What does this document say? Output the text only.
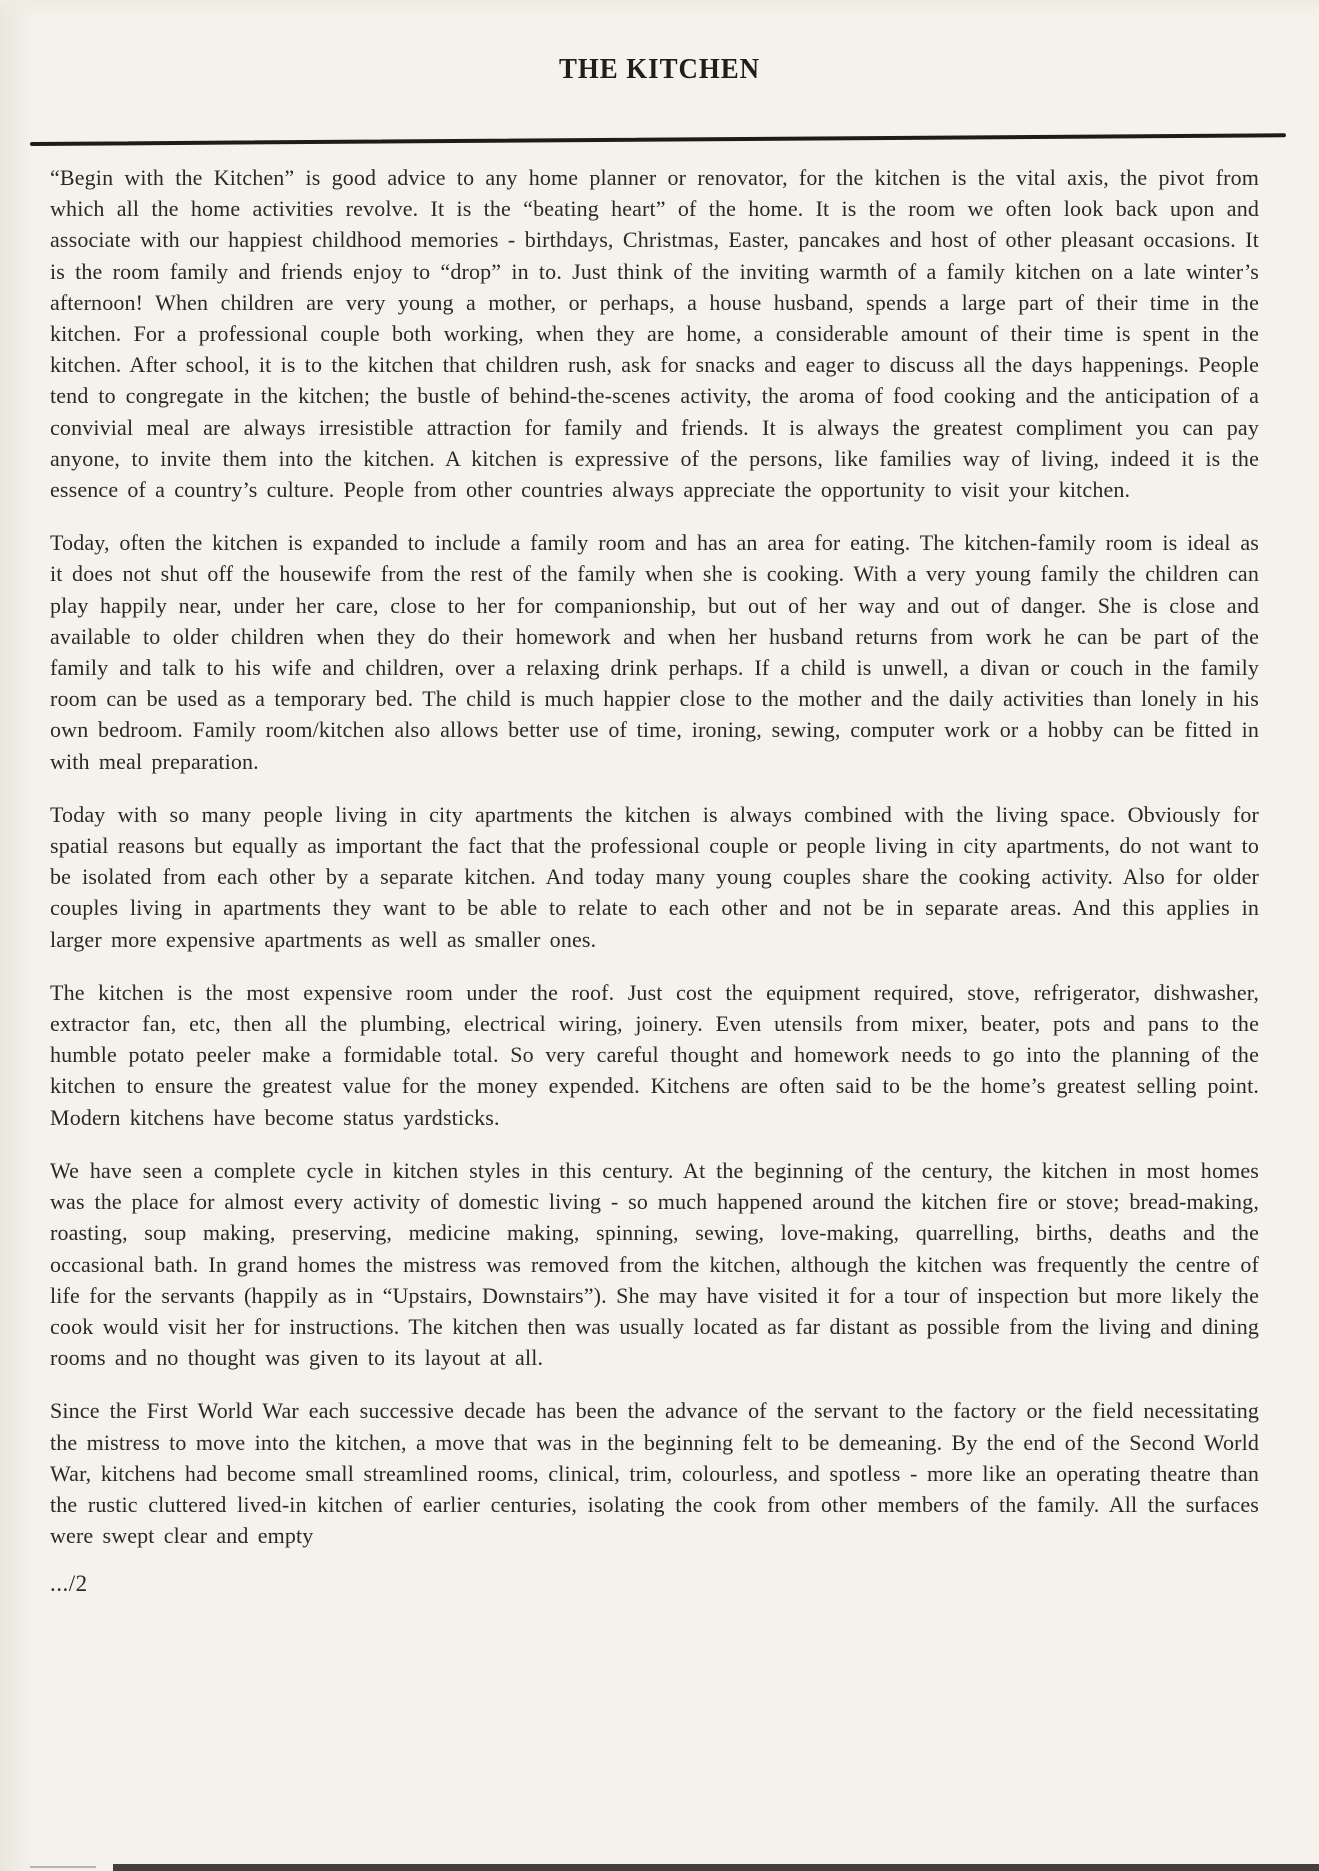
THE KITCHEN

“Begin with the Kitchen” is good advice to any home planner or renovator, for the kitchen is the vital axis, the pivot from which all the home activities revolve. It is the “beating heart” of the home. It is the room we often look back upon and associate with our happiest childhood memories - birthdays, Christmas, Easter, pancakes and host of other pleasant occasions. It is the room family and friends enjoy to “drop” in to. Just think of the inviting warmth of a family kitchen on a late winter’s afternoon! When children are very young a mother, or perhaps, a house husband, spends a large part of their time in the kitchen. For a professional couple both working, when they are home, a considerable amount of their time is spent in the kitchen. After school, it is to the kitchen that children rush, ask for snacks and eager to discuss all the days happenings. People tend to congregate in the kitchen; the bustle of behind-the-scenes activity, the aroma of food cooking and the anticipation of a convivial meal are always irresistible attraction for family and friends. It is always the greatest compliment you can pay anyone, to invite them into the kitchen. A kitchen is expressive of the persons, like families way of living, indeed it is the essence of a country’s culture. People from other countries always appreciate the opportunity to visit your kitchen.

Today, often the kitchen is expanded to include a family room and has an area for eating. The kitchen-family room is ideal as it does not shut off the housewife from the rest of the family when she is cooking. With a very young family the children can play happily near, under her care, close to her for companionship, but out of her way and out of danger. She is close and available to older children when they do their homework and when her husband returns from work he can be part of the family and talk to his wife and children, over a relaxing drink perhaps. If a child is unwell, a divan or couch in the family room can be used as a temporary bed. The child is much happier close to the mother and the daily activities than lonely in his own bedroom. Family room/kitchen also allows better use of time, ironing, sewing, computer work or a hobby can be fitted in with meal preparation.

Today with so many people living in city apartments the kitchen is always combined with the living space. Obviously for spatial reasons but equally as important the fact that the professional couple or people living in city apartments, do not want to be isolated from each other by a separate kitchen. And today many young couples share the cooking activity. Also for older couples living in apartments they want to be able to relate to each other and not be in separate areas. And this applies in larger more expensive apartments as well as smaller ones.

The kitchen is the most expensive room under the roof. Just cost the equipment required, stove, refrigerator, dishwasher, extractor fan, etc, then all the plumbing, electrical wiring, joinery. Even utensils from mixer, beater, pots and pans to the humble potato peeler make a formidable total. So very careful thought and homework needs to go into the planning of the kitchen to ensure the greatest value for the money expended. Kitchens are often said to be the home’s greatest selling point. Modern kitchens have become status yardsticks.

We have seen a complete cycle in kitchen styles in this century. At the beginning of the century, the kitchen in most homes was the place for almost every activity of domestic living - so much happened around the kitchen fire or stove; bread-making, roasting, soup making, preserving, medicine making, spinning, sewing, love-making, quarrelling, births, deaths and the occasional bath. In grand homes the mistress was removed from the kitchen, although the kitchen was frequently the centre of life for the servants (happily as in “Upstairs, Downstairs”). She may have visited it for a tour of inspection but more likely the cook would visit her for instructions. The kitchen then was usually located as far distant as possible from the living and dining rooms and no thought was given to its layout at all.

Since the First World War each successive decade has been the advance of the servant to the factory or the field necessitating the mistress to move into the kitchen, a move that was in the beginning felt to be demeaning. By the end of the Second World War, kitchens had become small streamlined rooms, clinical, trim, colourless, and spotless - more like an operating theatre than the rustic cluttered lived-in kitchen of earlier centuries, isolating the cook from other members of the family. All the surfaces were swept clear and empty

.../2
